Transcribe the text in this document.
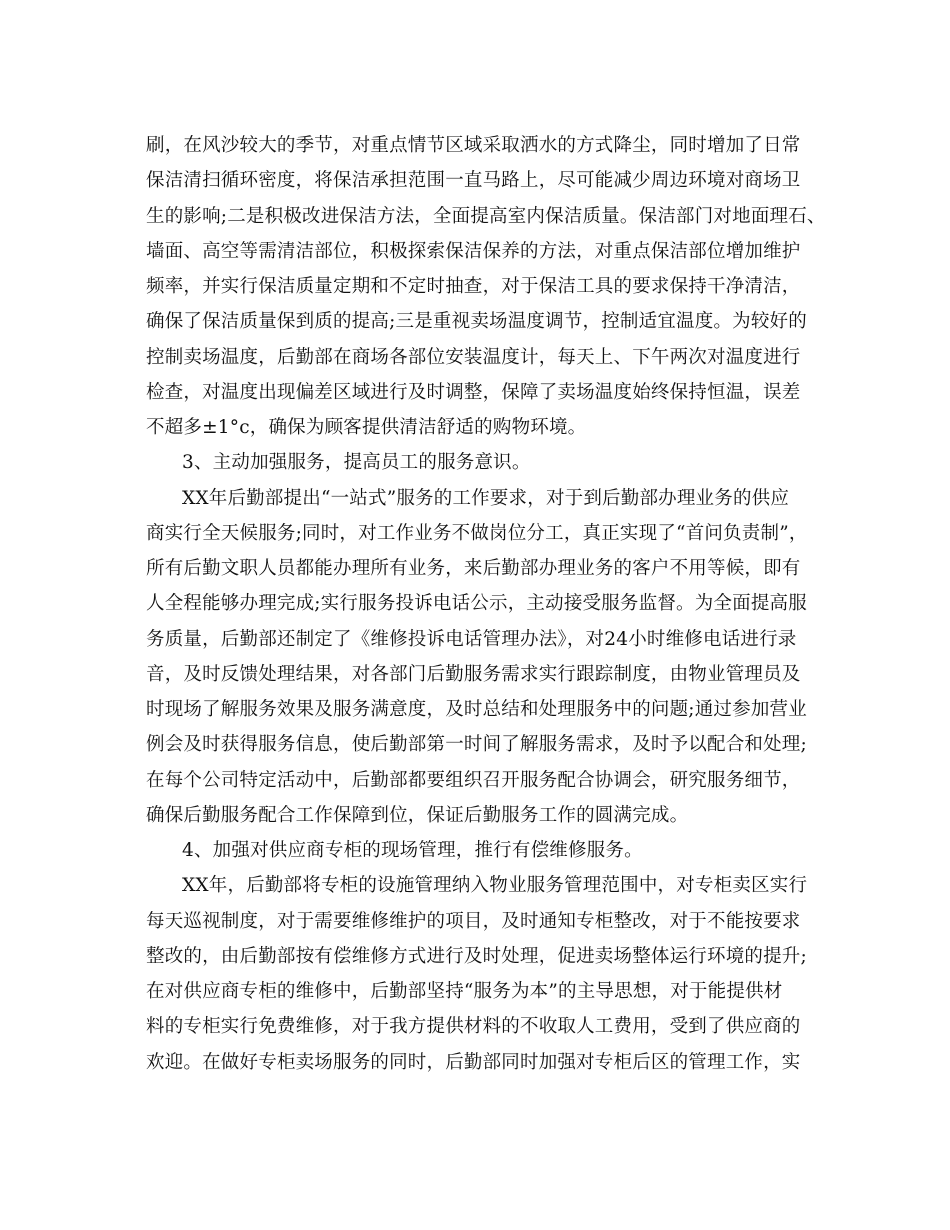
刷，在风沙较大的季节，对重点情节区域采取洒水的方式降尘，同时增加了日常
保洁清扫循环密度，将保洁承担范围一直马路上，尽可能减少周边环境对商场卫
生的影响;二是积极改进保洁方法，全面提高室内保洁质量。保洁部门对地面理石、
墙面、高空等需清洁部位，积极探索保洁保养的方法，对重点保洁部位增加维护
频率，并实行保洁质量定期和不定时抽查，对于保洁工具的要求保持干净清洁，
确保了保洁质量保到质的提高;三是重视卖场温度调节，控制适宜温度。为较好的
控制卖场温度，后勤部在商场各部位安装温度计，每天上、下午两次对温度进行
检查，对温度出现偏差区域进行及时调整，保障了卖场温度始终保持恒温，误差
不超多±1°c，确保为顾客提供清洁舒适的购物环境。
3、主动加强服务，提高员工的服务意识。
XX年后勤部提出“一站式”服务的工作要求，对于到后勤部办理业务的供应
商实行全天候服务;同时，对工作业务不做岗位分工，真正实现了“首问负责制”，
所有后勤文职人员都能办理所有业务，来后勤部办理业务的客户不用等候，即有
人全程能够办理完成;实行服务投诉电话公示，主动接受服务监督。为全面提高服
务质量，后勤部还制定了《维修投诉电话管理办法》，对24小时维修电话进行录
音，及时反馈处理结果，对各部门后勤服务需求实行跟踪制度，由物业管理员及
时现场了解服务效果及服务满意度，及时总结和处理服务中的问题;通过参加营业
例会及时获得服务信息，使后勤部第一时间了解服务需求，及时予以配合和处理;
在每个公司特定活动中，后勤部都要组织召开服务配合协调会，研究服务细节，
确保后勤服务配合工作保障到位，保证后勤服务工作的圆满完成。
4、加强对供应商专柜的现场管理，推行有偿维修服务。
XX年，后勤部将专柜的设施管理纳入物业服务管理范围中，对专柜卖区实行
每天巡视制度，对于需要维修维护的项目，及时通知专柜整改，对于不能按要求
整改的，由后勤部按有偿维修方式进行及时处理，促进卖场整体运行环境的提升;
在对供应商专柜的维修中，后勤部坚持“服务为本”的主导思想，对于能提供材
料的专柜实行免费维修，对于我方提供材料的不收取人工费用，受到了供应商的
欢迎。在做好专柜卖场服务的同时，后勤部同时加强对专柜后区的管理工作，实
